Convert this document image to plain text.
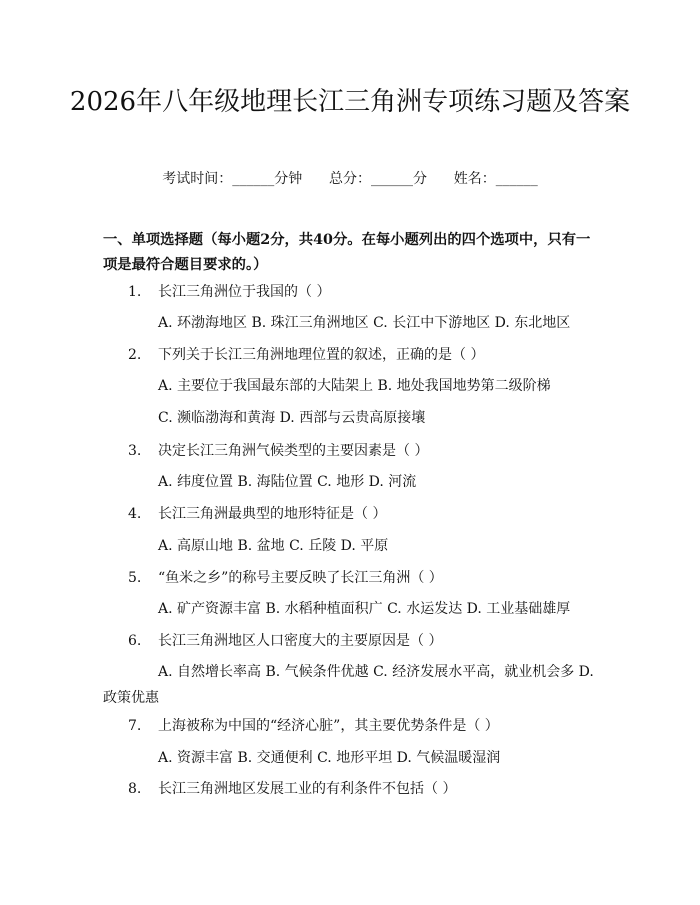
2026年八年级地理长江三角洲专项练习题及答案
考试时间：______分钟      总分：______分      姓名：______
一、单项选择题（每小题2分，共40分。在每小题列出的四个选项中，只有一项是最符合题目要求的。）
1. 长江三角洲位于我国的（ ）
A. 环渤海地区 B. 珠江三角洲地区 C. 长江中下游地区 D. 东北地区
2. 下列关于长江三角洲地理位置的叙述，正确的是（ ）
A. 主要位于我国最东部的大陆架上 B. 地处我国地势第二级阶梯
C. 濒临渤海和黄海 D. 西部与云贵高原接壤
3. 决定长江三角洲气候类型的主要因素是（ ）
A. 纬度位置 B. 海陆位置 C. 地形 D. 河流
4. 长江三角洲最典型的地形特征是（ ）
A. 高原山地 B. 盆地 C. 丘陵 D. 平原
5. “鱼米之乡”的称号主要反映了长江三角洲（ ）
A. 矿产资源丰富 B. 水稻种植面积广 C. 水运发达 D. 工业基础雄厚
6. 长江三角洲地区人口密度大的主要原因是（ ）
A. 自然增长率高 B. 气候条件优越 C. 经济发展水平高，就业机会多 D. 政策优惠
7. 上海被称为中国的“经济心脏”，其主要优势条件是（ ）
A. 资源丰富 B. 交通便利 C. 地形平坦 D. 气候温暖湿润
8. 长江三角洲地区发展工业的有利条件不包括（ ）
